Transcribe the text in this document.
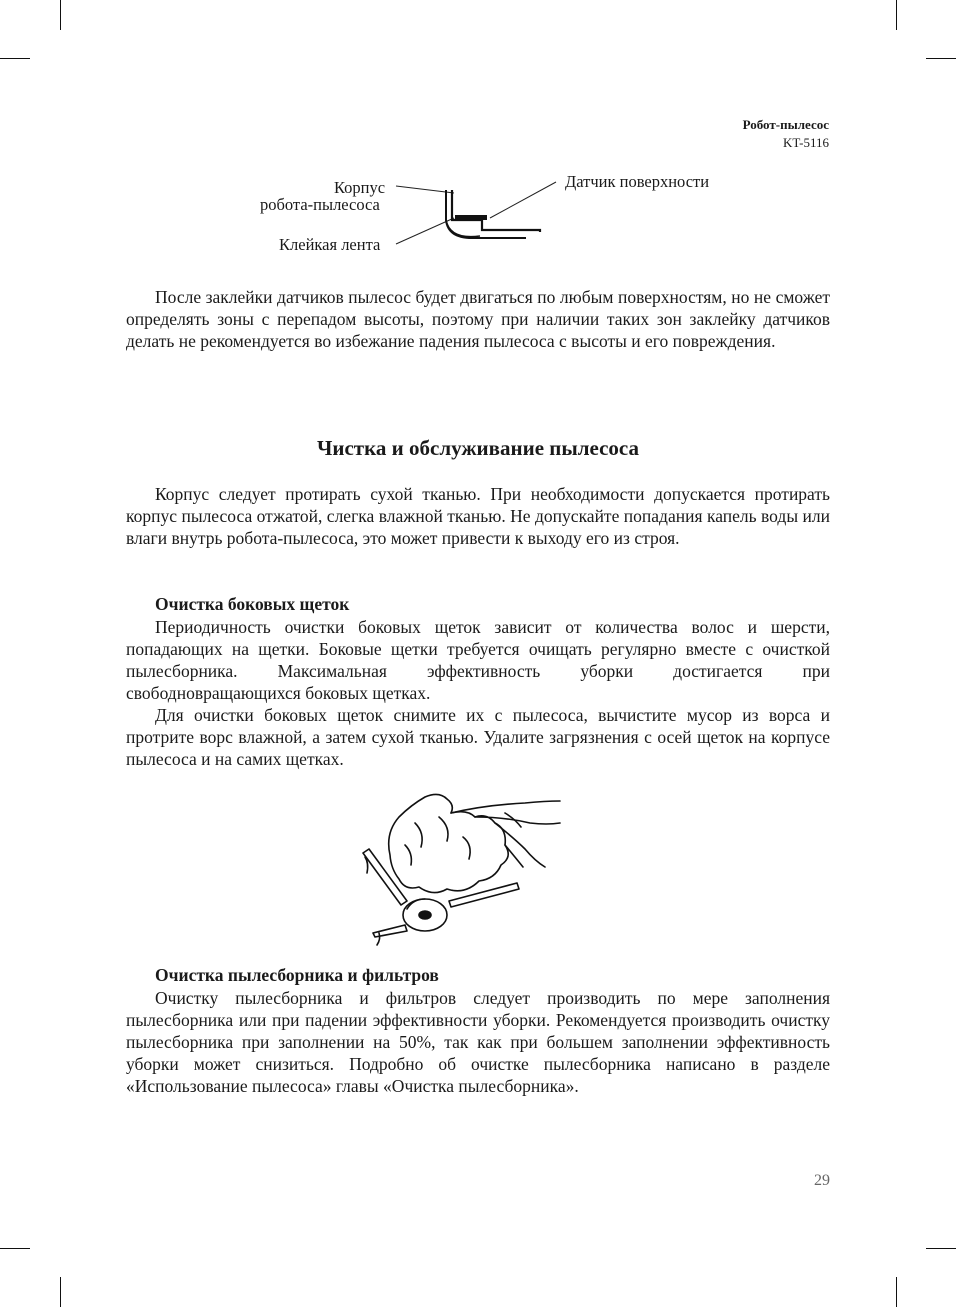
Робот-пылесос
KT-5116
Корпус
робота-пылесоса
Клейкая лента
Датчик поверхности

После заклейки датчиков пылесос будет двигаться по любым поверхностям, но не сможет определять зоны с перепадом высоты, поэтому при наличии таких зон заклейку датчиков делать не рекомендуется во избежание падения пылесоса с высоты и его повреждения.

Чистка и обслуживание пылесоса

Корпус следует протирать сухой тканью. При необходимости допускается протирать корпус пылесоса отжатой, слегка влажной тканью. Не допускайте попадания капель воды или влаги внутрь робота-пылесоса, это может привести к выходу его из строя.

Очистка боковых щеток

Периодичность очистки боковых щеток зависит от количества волос и шерсти, попадающих на щетки. Боковые щетки требуется очищать регулярно вместе с очисткой пылесборника. Максимальная эффективность уборки достигается при свободновращающихся боковых щетках.

Для очистки боковых щеток снимите их с пылесоса, вычистите мусор из ворса и протрите ворс влажной, а затем сухой тканью. Удалите загрязнения с осей щеток на корпусе пылесоса и на самих щетках.

Очистка пылесборника и фильтров

Очистку пылесборника и фильтров следует производить по мере заполнения пылесборника или при падении эффективности уборки. Рекомендуется производить очистку пылесборника при заполнении на 50%, так как при большем заполнении эффективность уборки может снизиться. Подробно об очистке пылесборника написано в разделе «Использование пылесоса» главы «Очистка пылесборника».

29
